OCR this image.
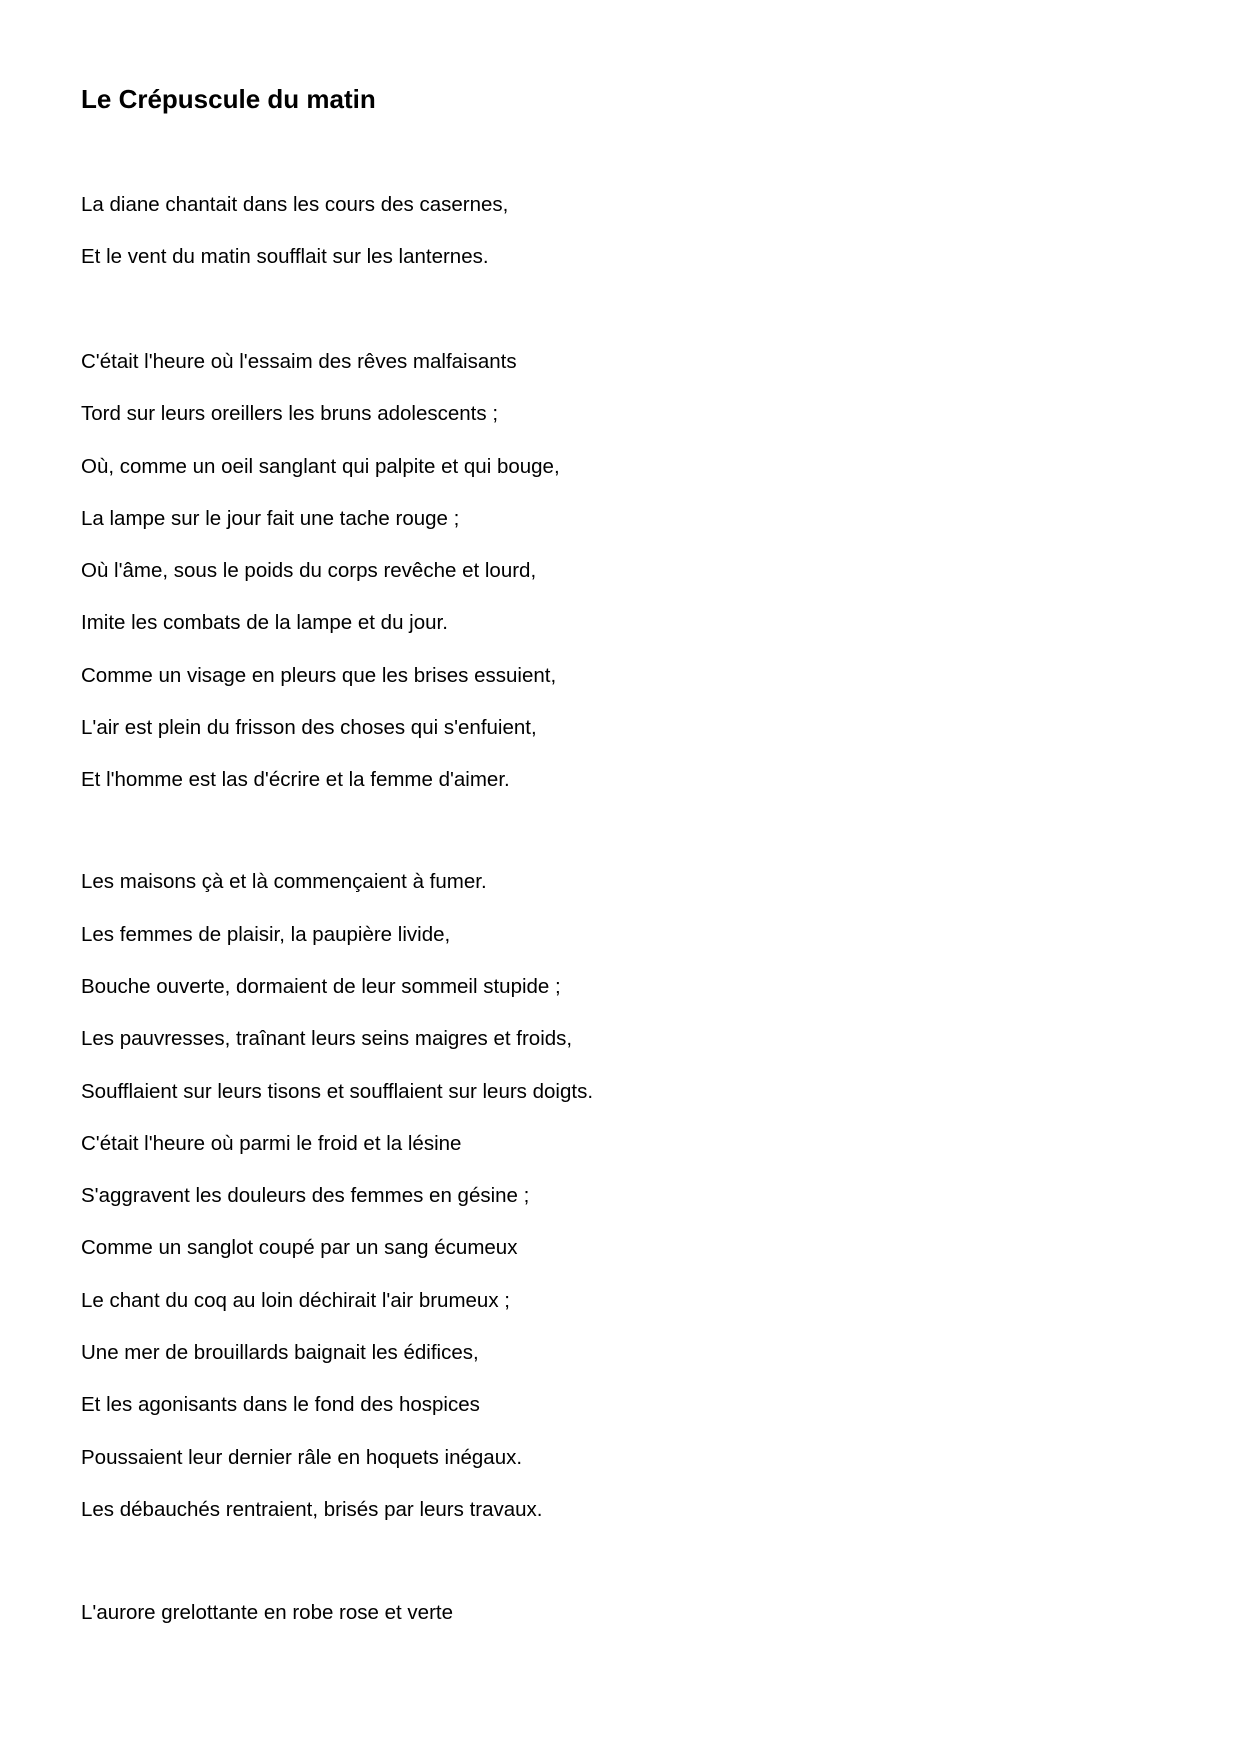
Le Crépuscule du matin
La diane chantait dans les cours des casernes,
Et le vent du matin soufflait sur les lanternes.
C'était l'heure où l'essaim des rêves malfaisants
Tord sur leurs oreillers les bruns adolescents ;
Où, comme un oeil sanglant qui palpite et qui bouge,
La lampe sur le jour fait une tache rouge ;
Où l'âme, sous le poids du corps revêche et lourd,
Imite les combats de la lampe et du jour.
Comme un visage en pleurs que les brises essuient,
L'air est plein du frisson des choses qui s'enfuient,
Et l'homme est las d'écrire et la femme d'aimer.
Les maisons çà et là commençaient à fumer.
Les femmes de plaisir, la paupière livide,
Bouche ouverte, dormaient de leur sommeil stupide ;
Les pauvresses, traînant leurs seins maigres et froids,
Soufflaient sur leurs tisons et soufflaient sur leurs doigts.
C'était l'heure où parmi le froid et la lésine
S'aggravent les douleurs des femmes en gésine ;
Comme un sanglot coupé par un sang écumeux
Le chant du coq au loin déchirait l'air brumeux ;
Une mer de brouillards baignait les édifices,
Et les agonisants dans le fond des hospices
Poussaient leur dernier râle en hoquets inégaux.
Les débauchés rentraient, brisés par leurs travaux.
L'aurore grelottante en robe rose et verte
